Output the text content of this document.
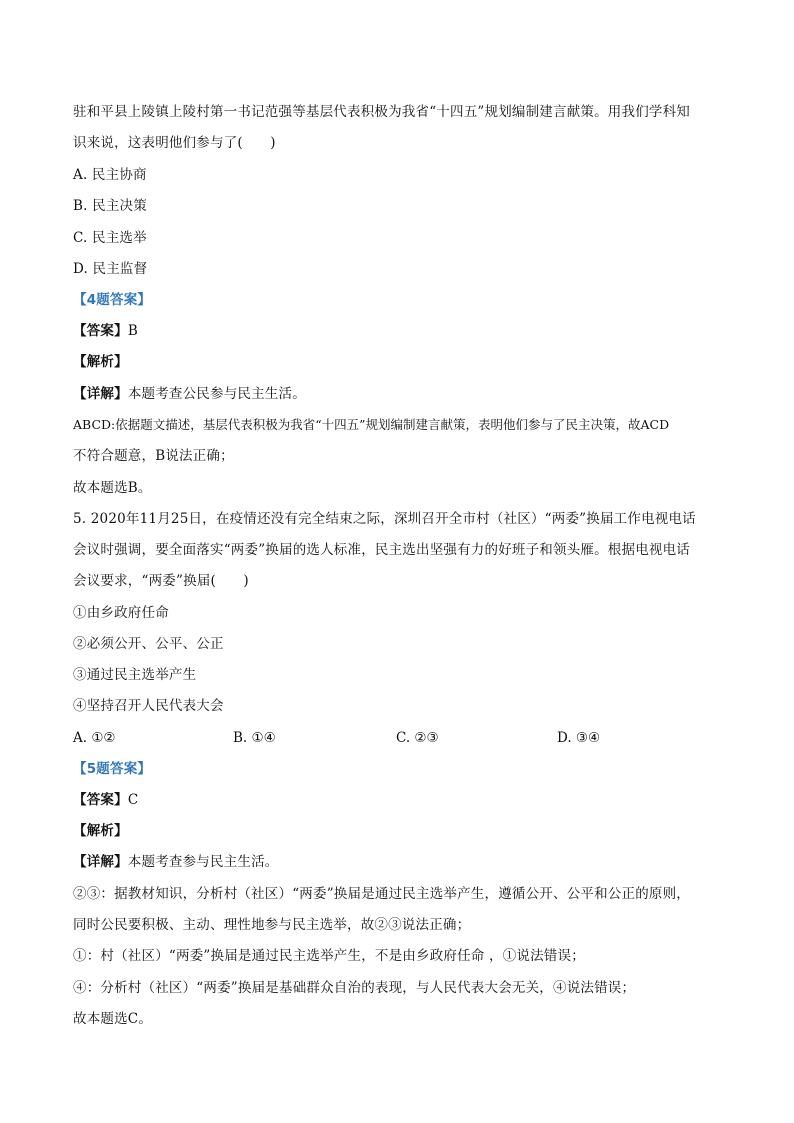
驻和平县上陵镇上陵村第一书记范强等基层代表积极为我省“十四五”规划编制建言献策。用我们学科知
识来说，这表明他们参与了(　　)
A. 民主协商
B. 民主决策
C. 民主选举
D. 民主监督
【4题答案】
【答案】B
【解析】
【详解】本题考查公民参与民主生活。
ABCD:依据题文描述，基层代表积极为我省“十四五”规划编制建言献策，表明他们参与了民主决策，故ACD
不符合题意，B说法正确；
故本题选B。
5. 2020年11月25日，在疫情还没有完全结束之际，深圳召开全市村（社区）“两委”换届工作电视电话
会议时强调，要全面落实“两委”换届的选人标准，民主选出坚强有力的好班子和领头雁。根据电视电话
会议要求，“两委”换届(　　)
①由乡政府任命
②必须公开、公平、公正
③通过民主选举产生
④坚持召开人民代表大会
A. ①②	B. ①④	C. ②③	D. ③④
【5题答案】
【答案】C
【解析】
【详解】本题考查参与民主生活。
②③：据教材知识，分析村（社区）“两委”换届是通过民主选举产生，遵循公开、公平和公正的原则，
同时公民要积极、主动、理性地参与民主选举，故②③说法正确；
①：村（社区）“两委”换届是通过民主选举产生，不是由乡政府任命 ，①说法错误；
④：分析村（社区）“两委”换届是基础群众自治的表现，与人民代表大会无关，④说法错误；
故本题选C。
